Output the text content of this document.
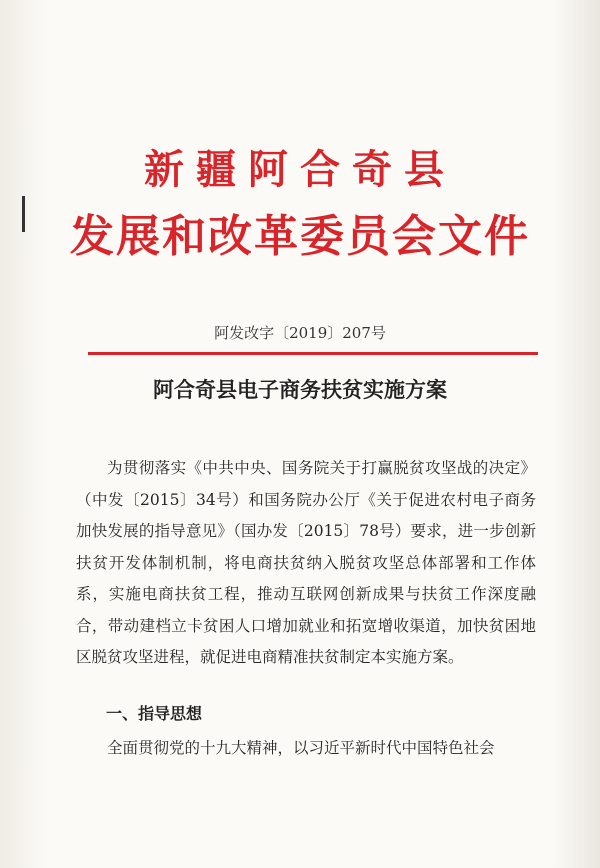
新疆阿合奇县
发展和改革委员会文件
阿发改字〔2019〕207号
阿合奇县电子商务扶贫实施方案

为贯彻落实《中共中央、国务院关于打赢脱贫攻坚战的决定》（中发〔2015〕34号）和国务院办公厅《关于促进农村电子商务加快发展的指导意见》（国办发〔2015〕78号）要求，进一步创新扶贫开发体制机制，将电商扶贫纳入脱贫攻坚总体部署和工作体系，实施电商扶贫工程，推动互联网创新成果与扶贫工作深度融合，带动建档立卡贫困人口增加就业和拓宽增收渠道，加快贫困地区脱贫攻坚进程，就促进电商精准扶贫制定本实施方案。

一、指导思想

全面贯彻党的十九大精神，以习近平新时代中国特色社会
